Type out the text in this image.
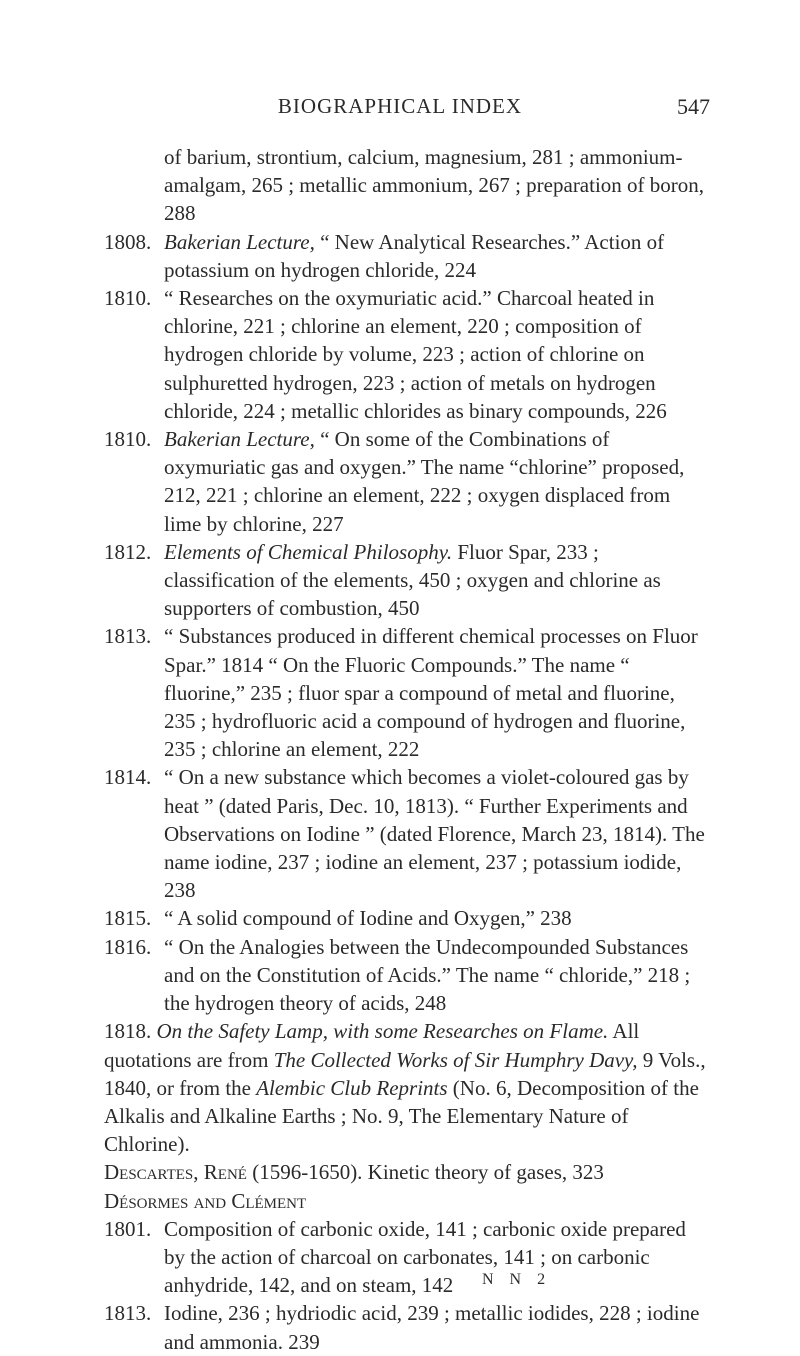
BIOGRAPHICAL INDEX	547
of barium, strontium, calcium, magnesium, 281 ; ammonium-amalgam, 265 ; metallic ammonium, 267 ; preparation of boron, 288
1808. Bakerian Lecture, “ New Analytical Researches.” Action of potassium on hydrogen chloride, 224
1810. “ Researches on the oxymuriatic acid.” Charcoal heated in chlorine, 221 ; chlorine an element, 220 ; composition of hydrogen chloride by volume, 223 ; action of chlorine on sulphuretted hydrogen, 223 ; action of metals on hydrogen chloride, 224 ; metallic chlorides as binary compounds, 226
1810. Bakerian Lecture, “ On some of the Combinations of oxymuriatic gas and oxygen.” The name “chlorine” proposed, 212, 221 ; chlorine an element, 222 ; oxygen displaced from lime by chlorine, 227
1812. Elements of Chemical Philosophy. Fluor Spar, 233 ; classification of the elements, 450 ; oxygen and chlorine as supporters of combustion, 450
1813. “ Substances produced in different chemical processes on Fluor Spar.” 1814 “ On the Fluoric Compounds.” The name “ fluorine,” 235 ; fluor spar a compound of metal and fluorine, 235 ; hydrofluoric acid a compound of hydrogen and fluorine, 235 ; chlorine an element, 222
1814. “ On a new substance which becomes a violet-coloured gas by heat ” (dated Paris, Dec. 10, 1813). “ Further Experiments and Observations on Iodine ” (dated Florence, March 23, 1814). The name iodine, 237 ; iodine an element, 237 ; potassium iodide, 238
1815. “ A solid compound of Iodine and Oxygen,” 238
1816. “ On the Analogies between the Undecompounded Substances and on the Constitution of Acids.” The name “ chloride,” 218 ; the hydrogen theory of acids, 248
1818. On the Safety Lamp, with some Researches on Flame. All quotations are from The Collected Works of Sir Humphry Davy, 9 Vols., 1840, or from the Alembic Club Reprints (No. 6, Decomposition of the Alkalis and Alkaline Earths ; No. 9, The Elementary Nature of Chlorine).
Descartes, René (1596-1650). Kinetic theory of gases, 323
Désormes and Clément
1801. Composition of carbonic oxide, 141 ; carbonic oxide prepared by the action of charcoal on carbonates, 141 ; on carbonic anhydride, 142, and on steam, 142
1813. Iodine, 236 ; hydriodic acid, 239 ; metallic iodides, 228 ; iodine and ammonia. 239
N N 2
